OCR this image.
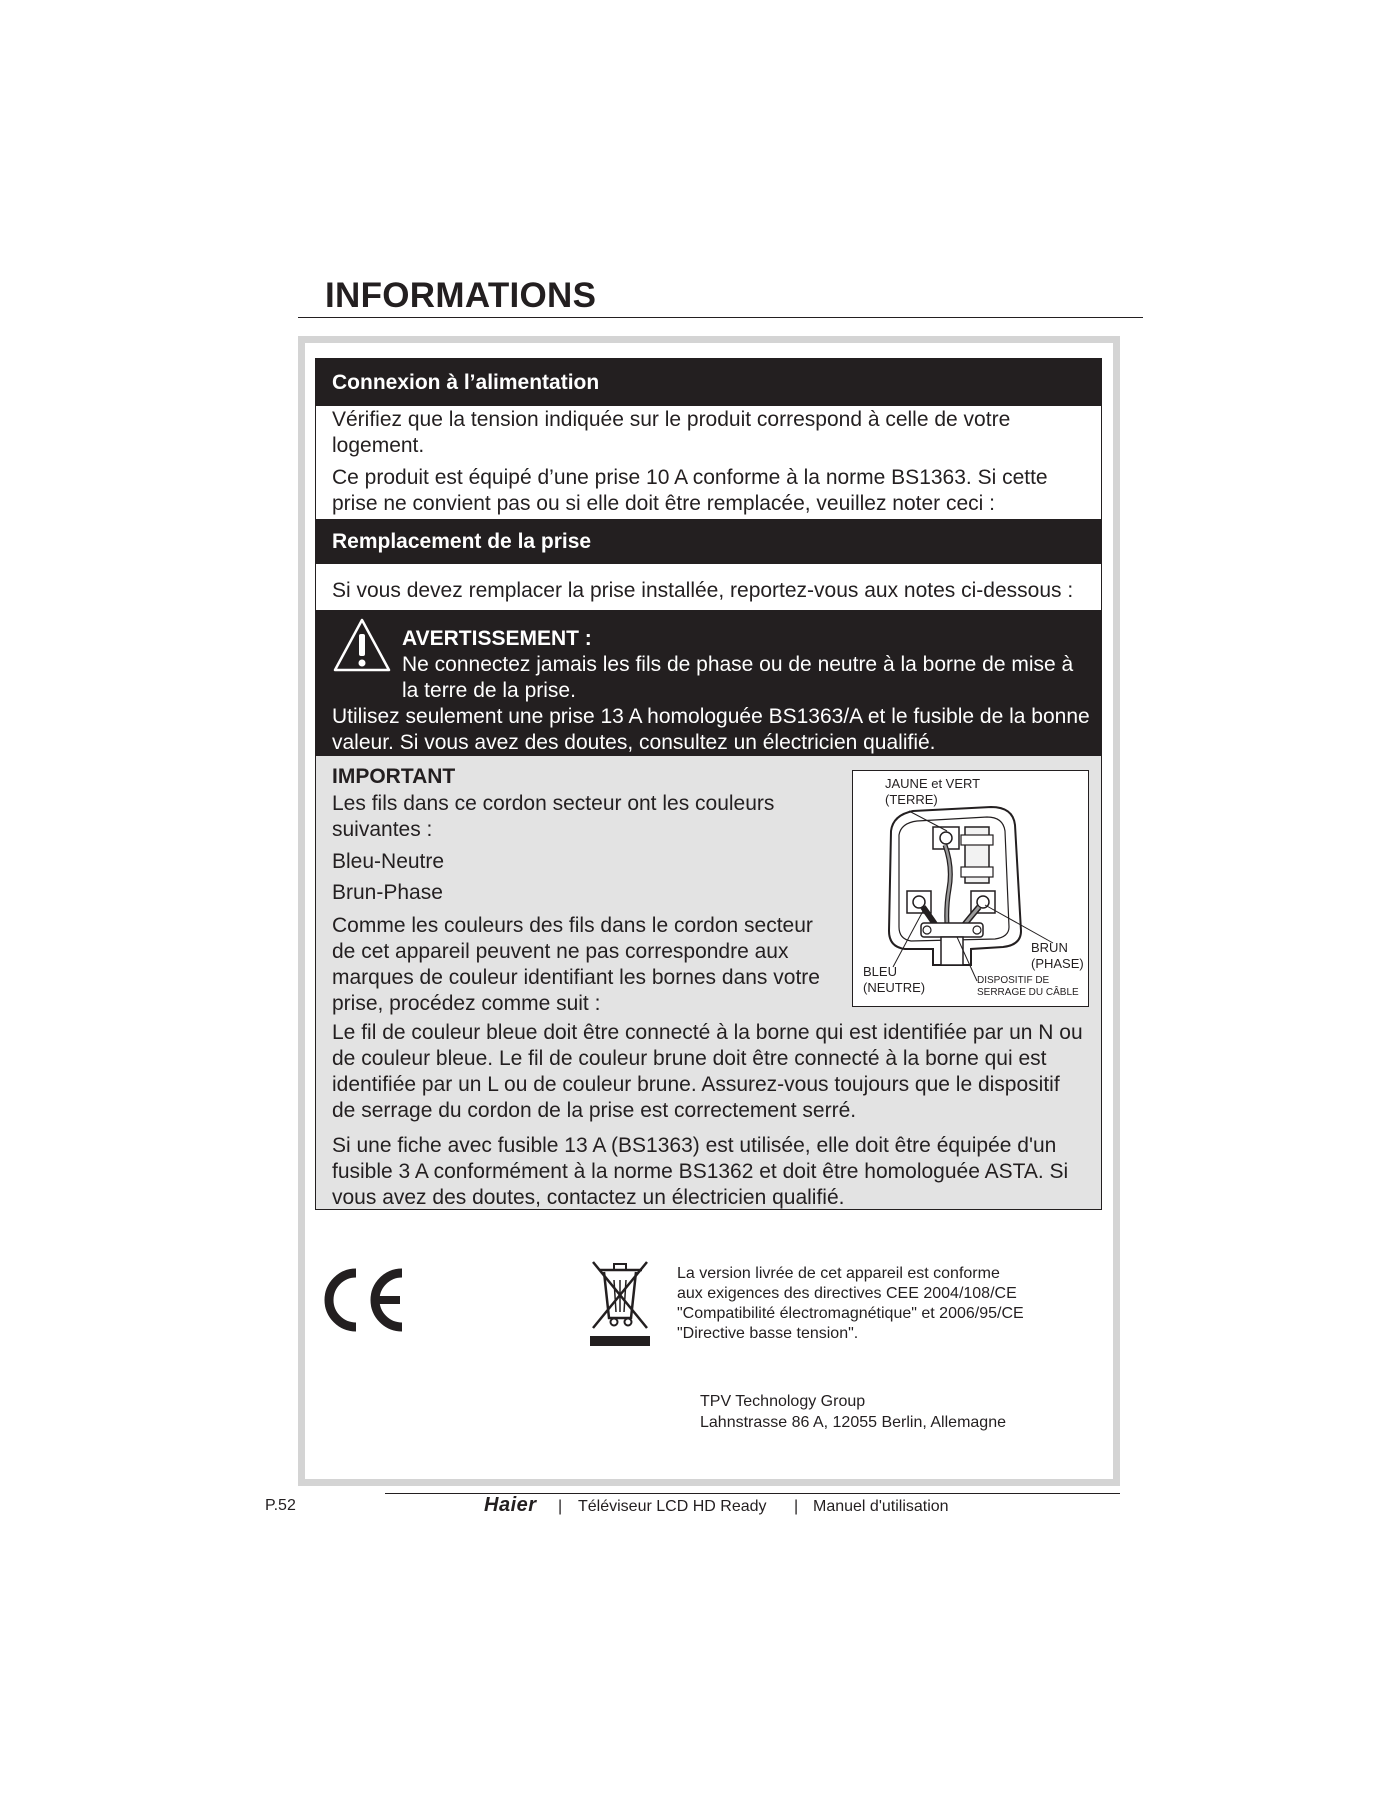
INFORMATIONS
Connexion à l’alimentation

Vérifiez que la tension indiquée sur le produit correspond à celle de votre logement.

Ce produit est équipé d’une prise 10 A conforme à la norme BS1363. Si cette prise ne convient pas ou si elle doit être remplacée, veuillez noter ceci :

Remplacement de la prise

Si vous devez remplacer la prise installée, reportez-vous aux notes ci-dessous :

AVERTISSEMENT :
Ne connectez jamais les fils de phase ou de neutre à la borne de mise à la terre de la prise.
Utilisez seulement une prise 13 A homologuée BS1363/A et le fusible de la bonne valeur. Si vous avez des doutes, consultez un électricien qualifié.
IMPORTANT

Les fils dans ce cordon secteur ont les couleurs suivantes :

Bleu-Neutre

Brun-Phase

Comme les couleurs des fils dans le cordon secteur de cet appareil peuvent ne pas correspondre aux marques de couleur identifiant les bornes dans votre prise, procédez comme suit :

Le fil de couleur bleue doit être connecté à la borne qui est identifiée par un N ou de couleur bleue. Le fil de couleur brune doit être connecté à la borne qui est identifiée par un L ou de couleur brune. Assurez-vous toujours que le dispositif de serrage du cordon de la prise est correctement serré.

Si une fiche avec fusible 13 A (BS1363) est utilisée, elle doit être équipée d'un fusible 3 A conformément à la norme BS1362 et doit être homologuée ASTA. Si vous avez des doutes, contactez un électricien qualifié.

JAUNE et VERT
(TERRE)
BRUN
(PHASE)
BLEU
(NEUTRE)	DISPOSITIF DE
SERRAGE DU CÂBLE

La version livrée de cet appareil est conforme

aux exigences des directives CEE 2004/108/CE

"Compatibilité électromagnétique" et 2006/95/CE

"Directive basse tension".

TPV Technology Group

Lahnstrasse 86 A, 12055 Berlin, Allemagne

P.52	Haier | Téléviseur LCD HD Ready | Manuel d'utilisation
